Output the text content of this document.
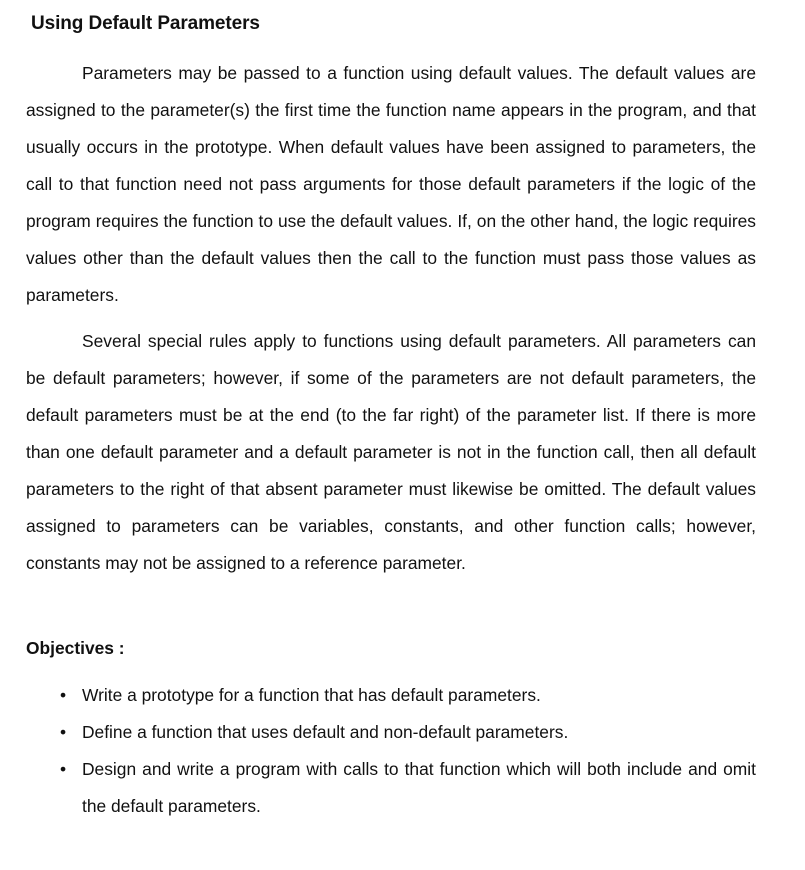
Using Default Parameters

Parameters may be passed to a function using default values. The default values are assigned to the parameter(s) the first time the function name appears in the program, and that usually occurs in the prototype. When default values have been assigned to parameters, the call to that function need not pass arguments for those default parameters if the logic of the program requires the function to use the default values. If, on the other hand, the logic requires values other than the default values then the call to the function must pass those values as parameters.

Several special rules apply to functions using default parameters. All parameters can be default parameters; however, if some of the parameters are not default parameters, the default parameters must be at the end (to the far right) of the parameter list. If there is more than one default parameter and a default parameter is not in the function call, then all default parameters to the right of that absent parameter must likewise be omitted. The default values assigned to parameters can be variables, constants, and other function calls; however, constants may not be assigned to a reference parameter.

Objectives :
• Write a prototype for a function that has default parameters.
• Define a function that uses default and non-default parameters.
• Design and write a program with calls to that function which will both include and omit the default parameters.
